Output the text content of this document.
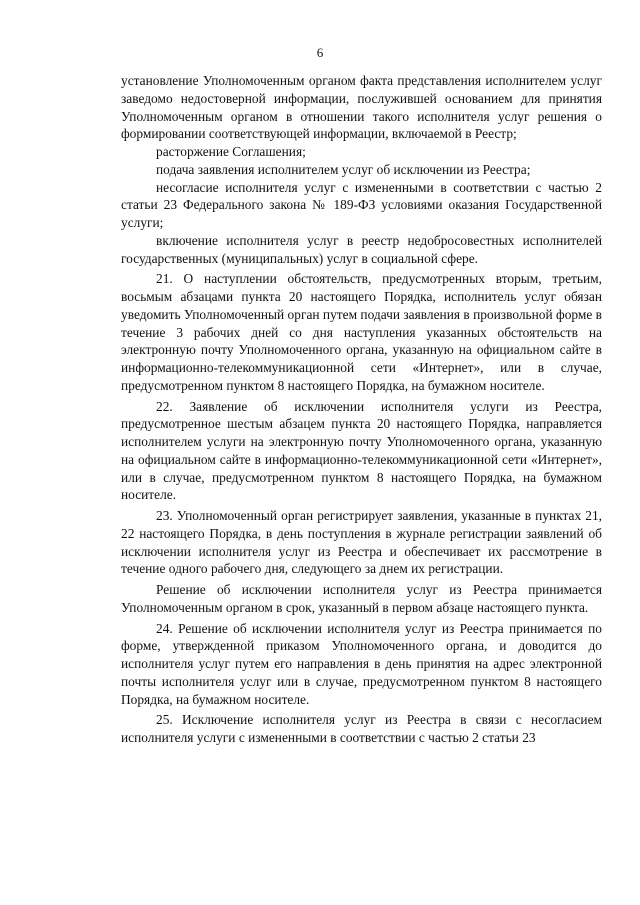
6

установление Уполномоченным органом факта представления исполнителем услуг заведомо недостоверной информации, послужившей основанием для принятия Уполномоченным органом в отношении такого исполнителя услуг решения о формировании соответствующей информации, включаемой в Реестр;

расторжение Соглашения;

подача заявления исполнителем услуг об исключении из Реестра;

несогласие исполнителя услуг с измененными в соответствии с частью 2 статьи 23 Федерального закона № 189-ФЗ условиями оказания Государственной услуги;

включение исполнителя услуг в реестр недобросовестных исполнителей государственных (муниципальных) услуг в социальной сфере.

21. О наступлении обстоятельств, предусмотренных вторым, третьим, восьмым абзацами пункта 20 настоящего Порядка, исполнитель услуг обязан уведомить Уполномоченный орган путем подачи заявления в произвольной форме в течение 3 рабочих дней со дня наступления указанных обстоятельств на электронную почту Уполномоченного органа, указанную на официальном сайте в информационно-телекоммуникационной сети «Интернет», или в случае, предусмотренном пунктом 8 настоящего Порядка, на бумажном носителе.

22. Заявление об исключении исполнителя услуги из Реестра, предусмотренное шестым абзацем пункта 20 настоящего Порядка, направляется исполнителем услуги на электронную почту Уполномоченного органа, указанную на официальном сайте в информационно-телекоммуникационной сети «Интернет», или в случае, предусмотренном пунктом 8 настоящего Порядка, на бумажном носителе.

23. Уполномоченный орган регистрирует заявления, указанные в пунктах 21, 22 настоящего Порядка, в день поступления в журнале регистрации заявлений об исключении исполнителя услуг из Реестра и обеспечивает их рассмотрение в течение одного рабочего дня, следующего за днем их регистрации.

Решение об исключении исполнителя услуг из Реестра принимается Уполномоченным органом в срок, указанный в первом абзаце настоящего пункта.

24. Решение об исключении исполнителя услуг из Реестра принимается по форме, утвержденной приказом Уполномоченного органа, и доводится до исполнителя услуг путем его направления в день принятия на адрес электронной почты исполнителя услуг или в случае, предусмотренном пунктом 8 настоящего Порядка, на бумажном носителе.

25. Исключение исполнителя услуг из Реестра в связи с несогласием исполнителя услуги с измененными в соответствии с частью 2 статьи 23
